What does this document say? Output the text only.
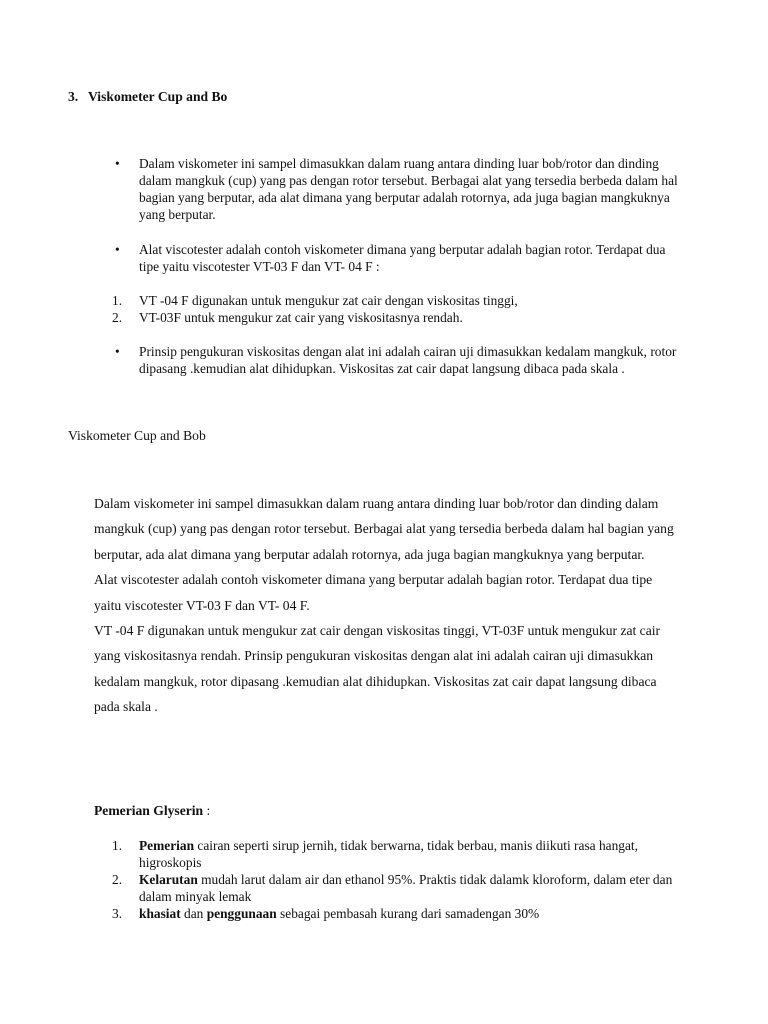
3. Viskometer Cup and Bo
• Dalam viskometer ini sampel dimasukkan dalam ruang antara dinding luar bob/rotor dan dinding dalam mangkuk (cup) yang pas dengan rotor tersebut. Berbagai alat yang tersedia berbeda dalam hal bagian yang berputar, ada alat dimana yang berputar adalah rotornya, ada juga bagian mangkuknya yang berputar.
• Alat viscotester adalah contoh viskometer dimana yang berputar adalah bagian rotor. Terdapat dua tipe yaitu viscotester VT-03 F dan VT- 04 F :
1. VT -04 F digunakan untuk mengukur zat cair dengan viskositas tinggi,
2. VT-03F untuk mengukur zat cair yang viskositasnya rendah.
• Prinsip pengukuran viskositas dengan alat ini adalah cairan uji dimasukkan kedalam mangkuk, rotor dipasang .kemudian alat dihidupkan. Viskositas zat cair dapat langsung dibaca pada skala .
Viskometer Cup and Bob

Dalam viskometer ini sampel dimasukkan dalam ruang antara dinding luar bob/rotor dan dinding dalam mangkuk (cup) yang pas dengan rotor tersebut. Berbagai alat yang tersedia berbeda dalam hal bagian yang berputar, ada alat dimana yang berputar adalah rotornya, ada juga bagian mangkuknya yang berputar.

Alat viscotester adalah contoh viskometer dimana yang berputar adalah bagian rotor. Terdapat dua tipe yaitu viscotester VT-03 F dan VT- 04 F.

VT -04 F digunakan untuk mengukur zat cair dengan viskositas tinggi, VT-03F untuk mengukur zat cair yang viskositasnya rendah. Prinsip pengukuran viskositas dengan alat ini adalah cairan uji dimasukkan kedalam mangkuk, rotor dipasang .kemudian alat dihidupkan. Viskositas zat cair dapat langsung dibaca pada skala .

Pemerian Glyserin :
1. Pemerian cairan seperti sirup jernih, tidak berwarna, tidak berbau, manis diikuti rasa hangat, higroskopis
2. Kelarutan mudah larut dalam air dan ethanol 95%. Praktis tidak dalamk kloroform, dalam eter dan dalam minyak lemak
3. khasiat dan penggunaan sebagai pembasah kurang dari samadengan 30%
